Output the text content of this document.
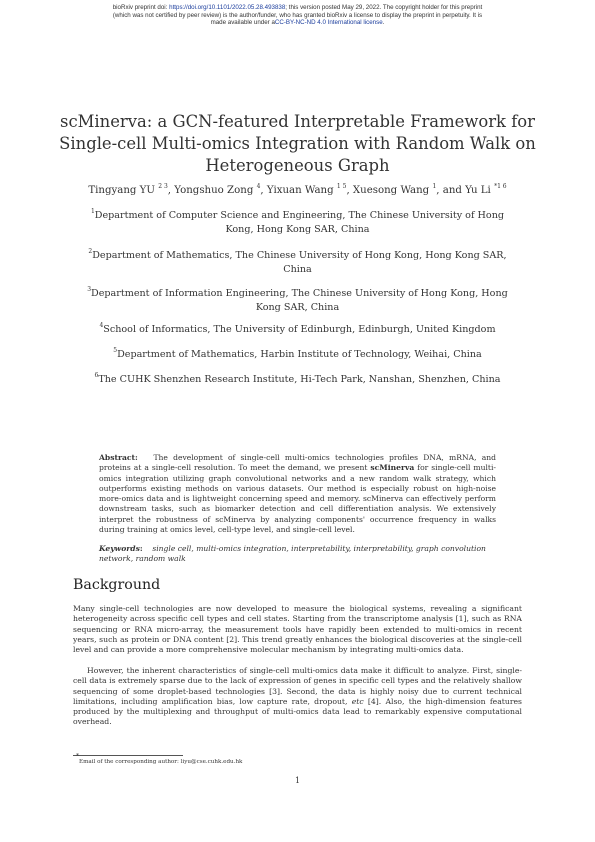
bioRxiv preprint doi: https://doi.org/10.1101/2022.05.28.493838; this version posted May 29, 2022. The copyright holder for this preprint
(which was not certified by peer review) is the author/funder, who has granted bioRxiv a license to display the preprint in perpetuity. It is
made available under aCC-BY-NC-ND 4.0 International license.
scMinerva: a GCN-featured Interpretable Framework for
Single-cell Multi-omics Integration with Random Walk on
Heterogeneous Graph
Tingyang YU $^{2 3}$, Yongshuo Zong $^4$, Yixuan Wang $^{1 5}$, Xuesong Wang $^1$, and Yu Li $^{*1 6}$
$^1$Department of Computer Science and Engineering, The Chinese University of Hong
Kong, Hong Kong SAR, China
$^2$Department of Mathematics, The Chinese University of Hong Kong, Hong Kong SAR,
China
$^3$Department of Information Engineering, The Chinese University of Hong Kong, Hong
Kong SAR, China
$^4$School of Informatics, The University of Edinburgh, Edinburgh, United Kingdom
$^5$Department of Mathematics, Harbin Institute of Technology, Weihai, China
$^6$The CUHK Shenzhen Research Institute, Hi-Tech Park, Nanshan, Shenzhen, China
Abstract: The development of single-cell multi-omics technologies profiles DNA, mRNA, and proteins at a single-cell resolution. To meet the demand, we present scMinerva for single-cell multi-omics integration utilizing graph convolutional networks and a new random walk strategy, which outperforms existing methods on various datasets. Our method is especially robust on high-noise more-omics data and is lightweight concerning speed and memory. scMinerva can effectively perform downstream tasks, such as biomarker detection and cell differentiation analysis. We extensively interpret the robustness of scMinerva by analyzing components' occurrence frequency in walks during training at omics level, cell-type level, and single-cell level.
Keywords: single cell, multi-omics integration, interpretability, interpretability, graph convolution network, random walk
Background
Many single-cell technologies are now developed to measure the biological systems, revealing a significant heterogeneity across specific cell types and cell states. Starting from the transcriptome analysis [1], such as RNA sequencing or RNA micro-array, the measurement tools have rapidly been extended to multi-omics in recent years, such as protein or DNA content [2]. This trend greatly enhances the biological discoveries at the single-cell level and can provide a more comprehensive molecular mechanism by integrating multi-omics data.
However, the inherent characteristics of single-cell multi-omics data make it difficult to analyze. First, single-cell data is extremely sparse due to the lack of expression of genes in specific cell types and the relatively shallow sequencing of some droplet-based technologies [3]. Second, the data is highly noisy due to current technical limitations, including amplification bias, low capture rate, dropout, etc [4]. Also, the high-dimension features produced by the multiplexing and throughput of multi-omics data lead to remarkably expensive computational overhead.
*Email of the corresponding author: liyu@cse.cuhk.edu.hk
1
